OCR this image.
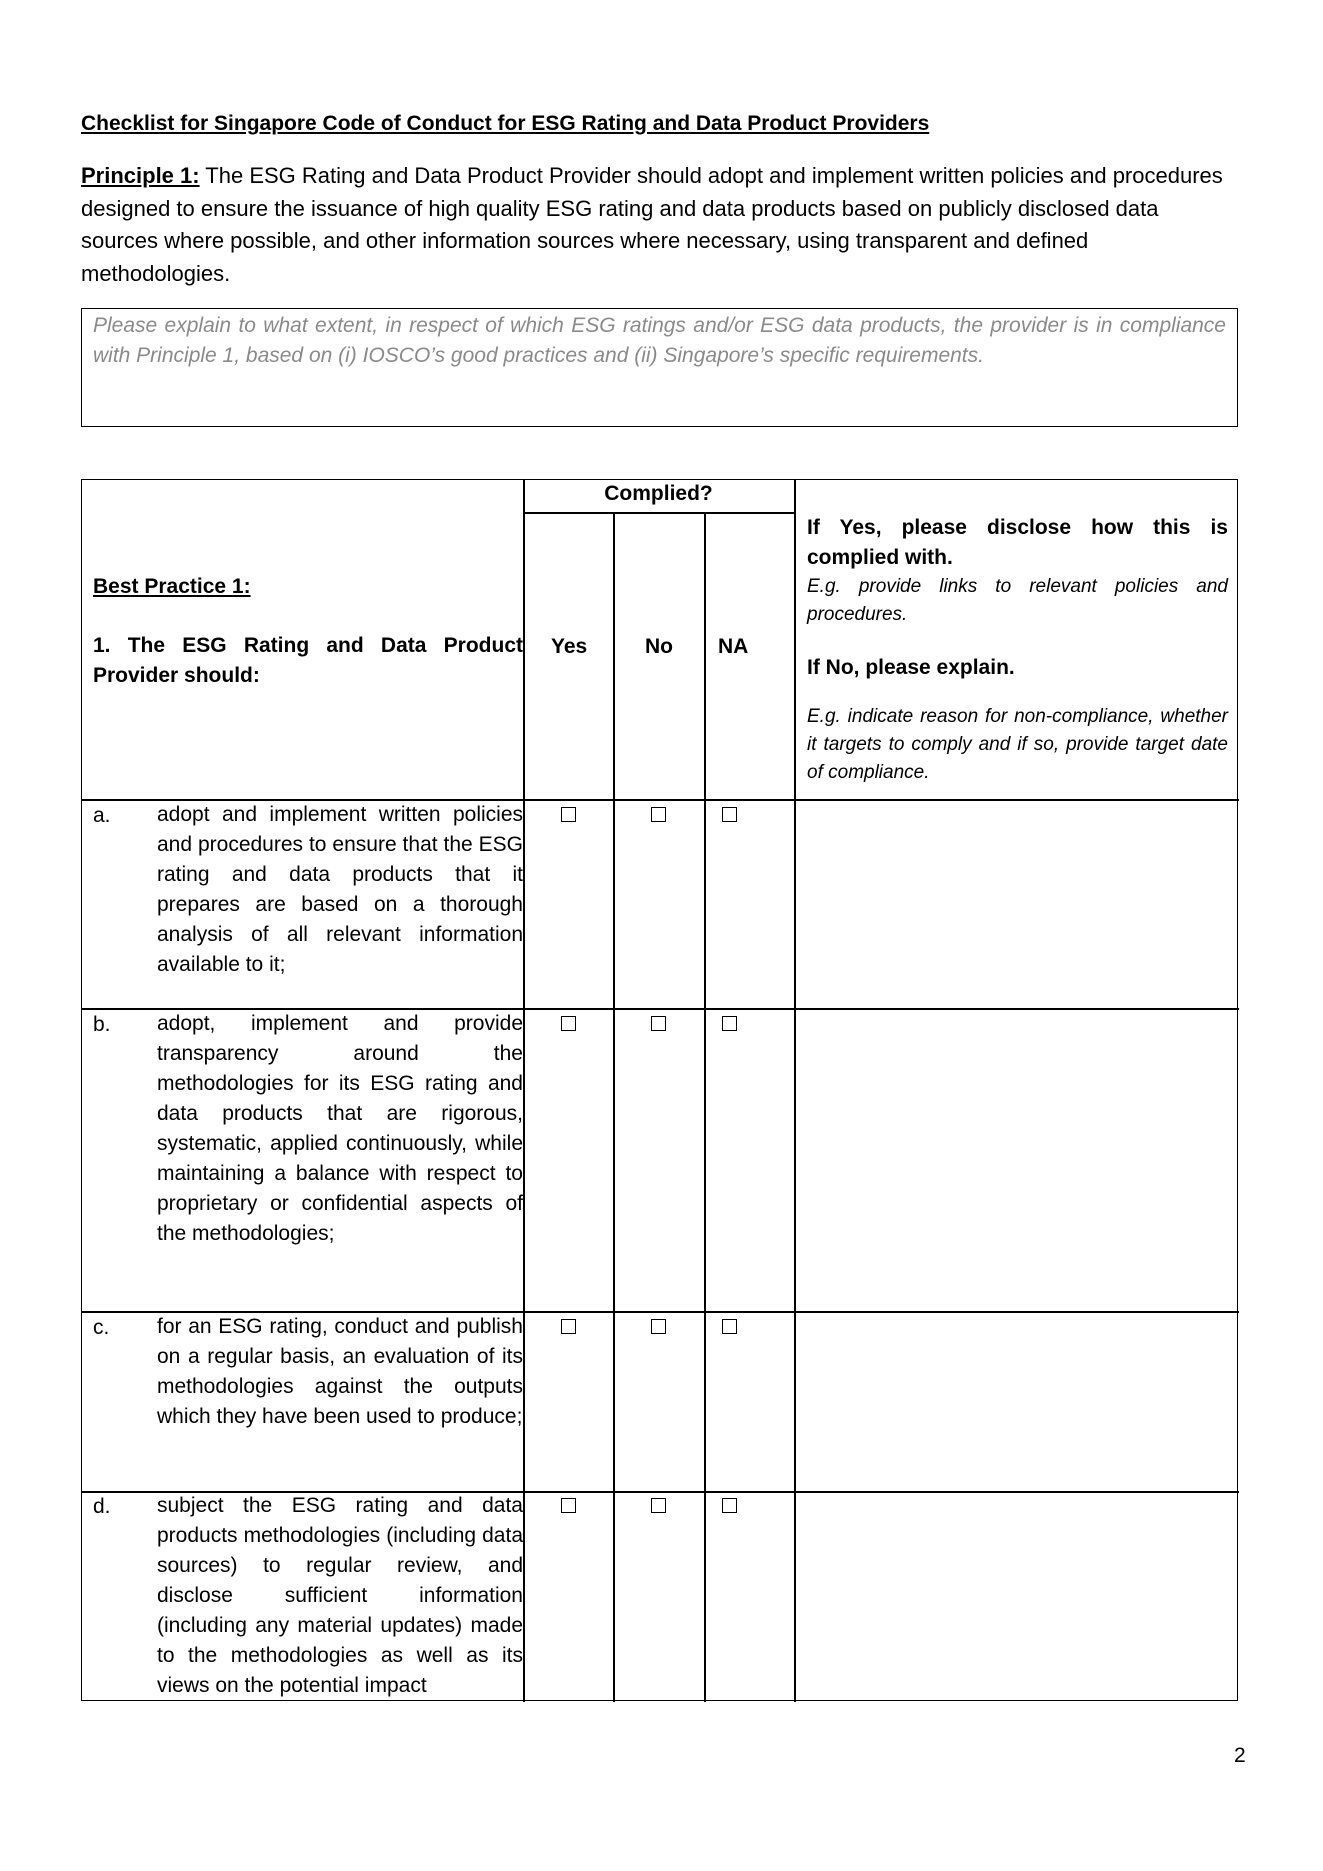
Checklist for Singapore Code of Conduct for ESG Rating and Data Product Providers
Principle 1: The ESG Rating and Data Product Provider should adopt and implement written policies and procedures designed to ensure the issuance of high quality ESG rating and data products based on publicly disclosed data sources where possible, and other information sources where necessary, using transparent and defined methodologies.
Please explain to what extent, in respect of which ESG ratings and/or ESG data products, the provider is in compliance with Principle 1, based on (i) IOSCO’s good practices and (ii) Singapore’s specific requirements.
Best Practice 1:
1. The ESG Rating and Data Product Provider should:
Complied?
Yes	No NA
If Yes, please disclose how this is complied with.
E.g. provide links to relevant policies and procedures.
If No, please explain.
E.g. indicate reason for non-compliance, whether it targets to comply and if so, provide target date of compliance.
a. adopt and implement written policies and procedures to ensure that the ESG rating and data products that it prepares are based on a thorough analysis of all relevant information available to it;
b. adopt, implement and provide transparency around the methodologies for its ESG rating and data products that are rigorous, systematic, applied continuously, while maintaining a balance with respect to proprietary or confidential aspects of the methodologies;
c. for an ESG rating, conduct and publish on a regular basis, an evaluation of its methodologies against the outputs which they have been used to produce;
d. subject the ESG rating and data products methodologies (including data sources) to regular review, and disclose sufficient information (including any material updates) made to the methodologies as well as its views on the potential impact
2
